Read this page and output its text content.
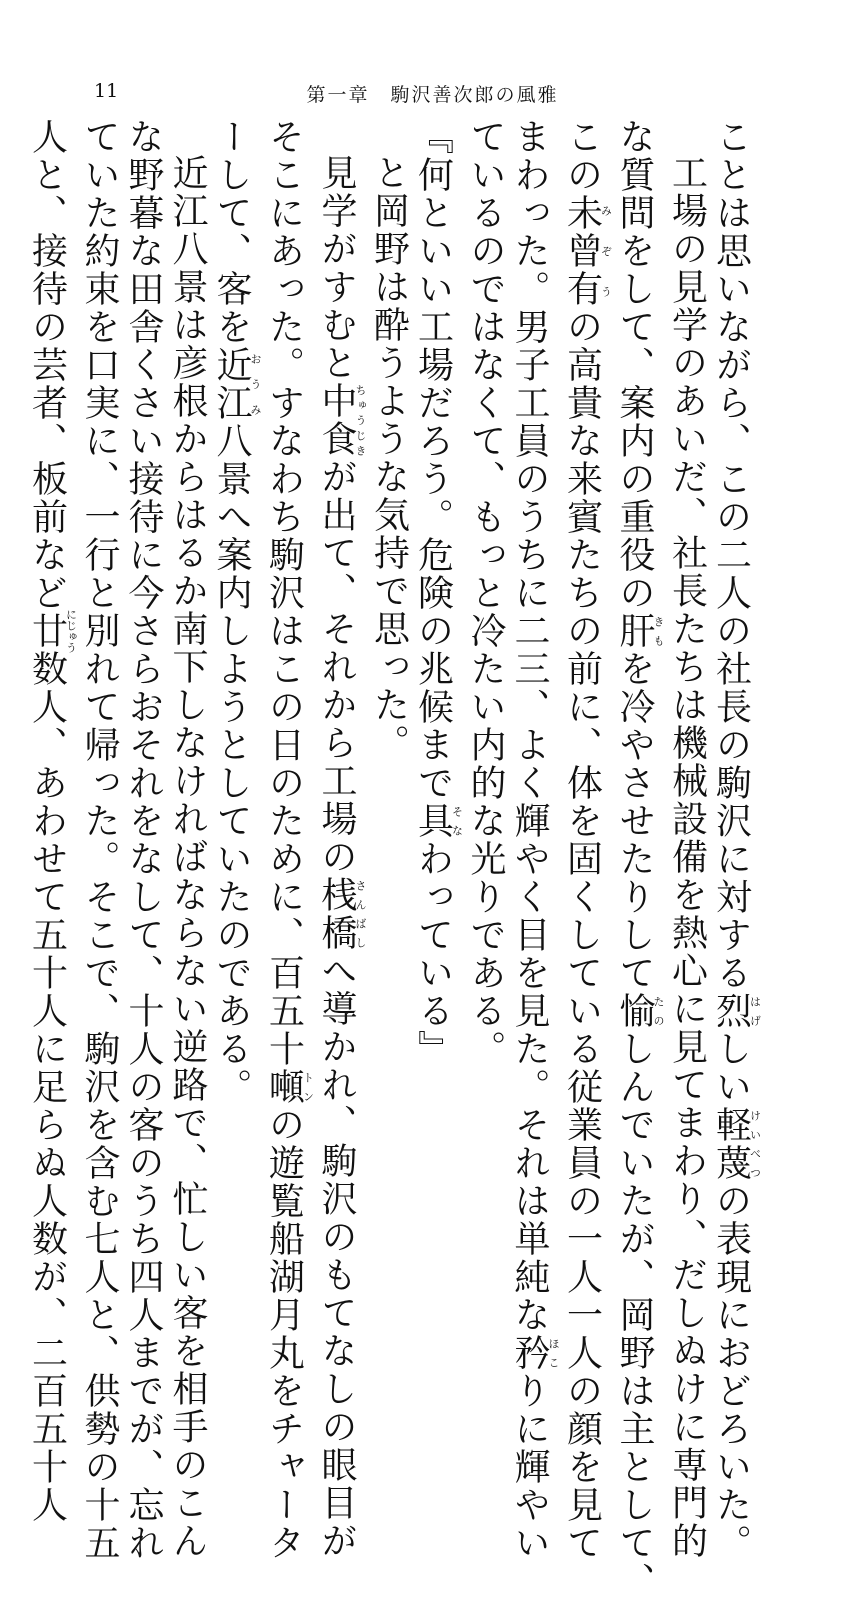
11	第一章　駒沢善次郎の風雅
ことは思いながら、この二人の社長の駒沢に対する烈はげしい軽蔑けいべつの表現におどろいた。
工場の見学のあいだ、社長たちは機械設備を熱心に見てまわり、だしぬけに専門的
な質問をして、案内の重役の肝きもを冷やさせたりして愉たのしんでいたが、岡野は主として、
この未曾有みぞうの高貴な来賓たちの前に、体を固くしている従業員の一人一人の顔を見て
まわった。男子工員のうちに二三、よく輝やく目を見た。それは単純な矜ほこりに輝やい
ているのではなくて、もっと冷たい内的な光りである。
『何といい工場だろう。危険の兆候まで具そなわっている』
と岡野は酔うような気持で思った。
見学がすむと中食ちゅうじきが出て、それから工場の桟橋さんばしへ導かれ、駒沢のもてなしの眼目が
そこにあった。すなわち駒沢はこの日のために、百五十噸トンの遊覧船湖月丸をチャータ
ーして、客を近江おうみ八景へ案内しようとしていたのである。
近江八景は彦根からはるか南下しなければならない逆路で、忙しい客を相手のこん
な野暮な田舎くさい接待に今さらおそれをなして、十人の客のうち四人までが、忘れ
ていた約束を口実に、一行と別れて帰った。そこで、駒沢を含む七人と、供勢の十五
人と、接待の芸者、板前など廿にじゅう数人、あわせて五十人に足らぬ人数が、二百五十人
